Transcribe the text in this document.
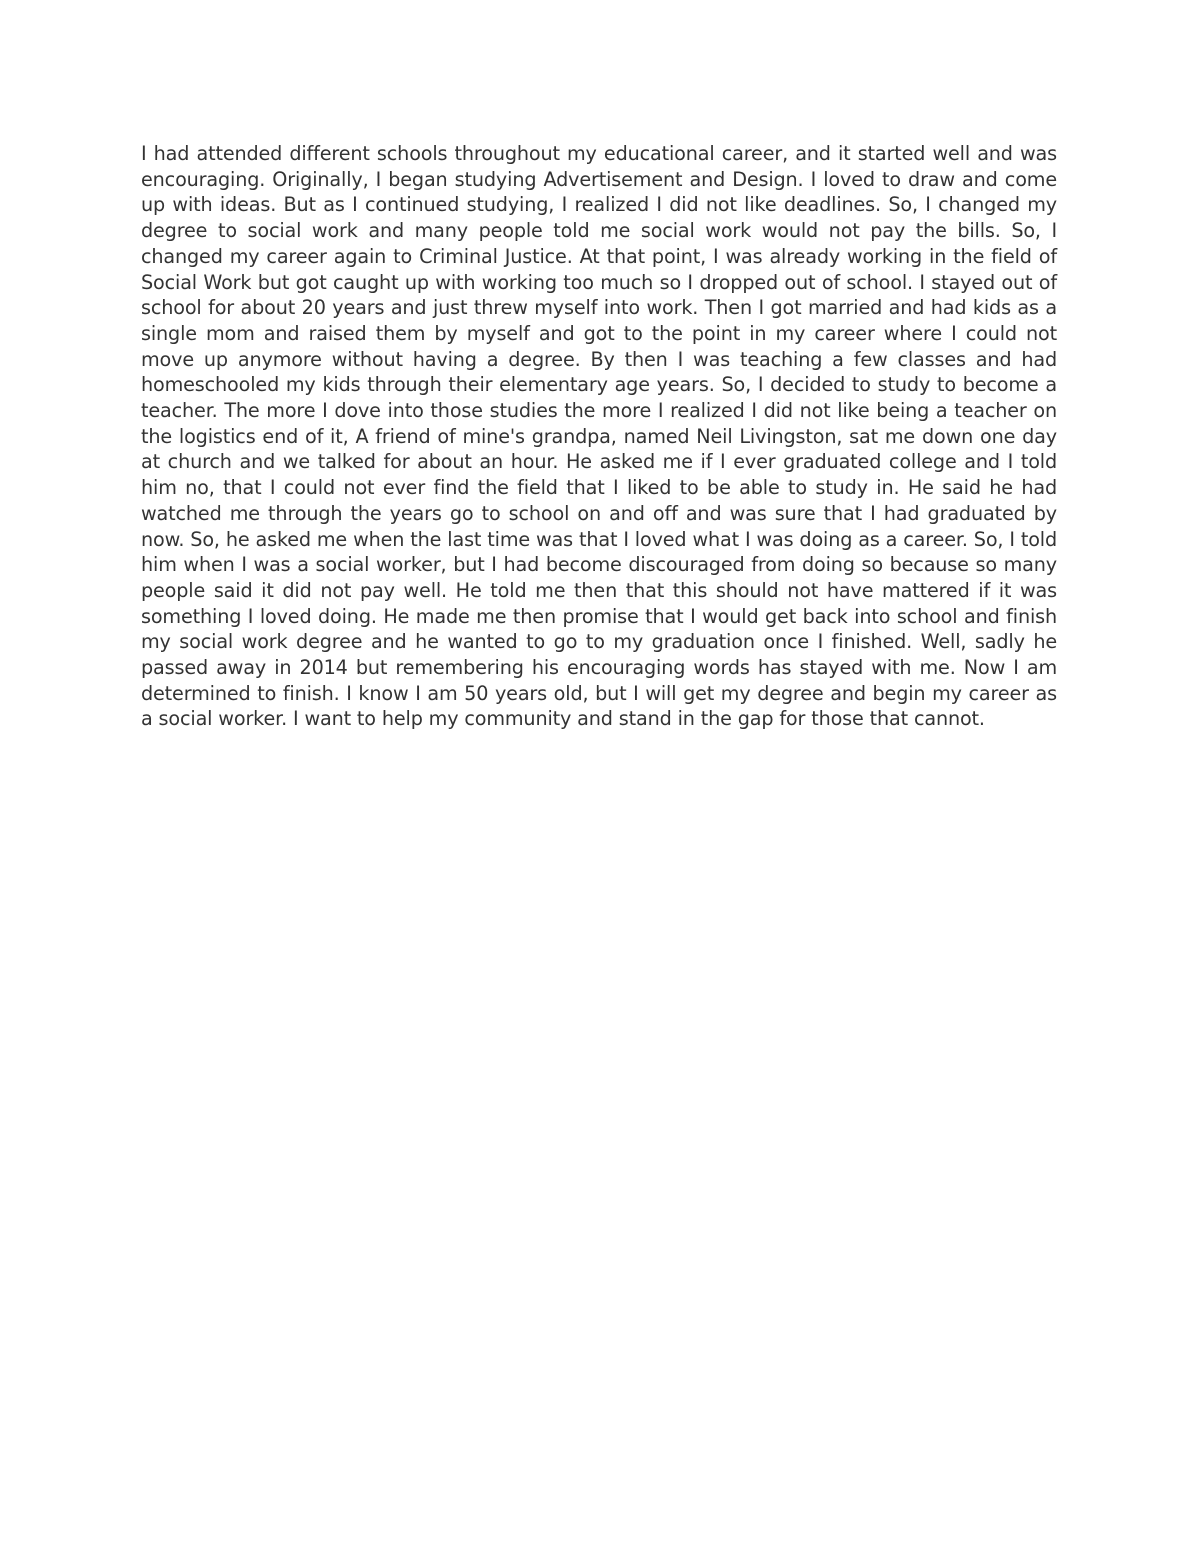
I had attended different schools throughout my educational career, and it started well and was encouraging. Originally, I began studying Advertisement and Design. I loved to draw and come up with ideas. But as I continued studying, I realized I did not like deadlines. So, I changed my degree to social work and many people told me social work would not pay the bills. So, I changed my career again to Criminal Justice. At that point, I was already working in the field of Social Work but got caught up with working too much so I dropped out of school. I stayed out of school for about 20 years and just threw myself into work. Then I got married and had kids as a single mom and raised them by myself and got to the point in my career where I could not move up anymore without having a degree. By then I was teaching a few classes and had homeschooled my kids through their elementary age years. So, I decided to study to become a teacher. The more I dove into those studies the more I realized I did not like being a teacher on the logistics end of it, A friend of mine's grandpa, named Neil Livingston, sat me down one day at church and we talked for about an hour. He asked me if I ever graduated college and I told him no, that I could not ever find the field that I liked to be able to study in. He said he had watched me through the years go to school on and off and was sure that I had graduated by now. So, he asked me when the last time was that I loved what I was doing as a career. So, I told him when I was a social worker, but I had become discouraged from doing so because so many people said it did not pay well. He told me then that this should not have mattered if it was something I loved doing. He made me then promise that I would get back into school and finish my social work degree and he wanted to go to my graduation once I finished. Well, sadly he passed away in 2014 but remembering his encouraging words has stayed with me. Now I am determined to finish. I know I am 50 years old, but I will get my degree and begin my career as a social worker. I want to help my community and stand in the gap for those that cannot.
